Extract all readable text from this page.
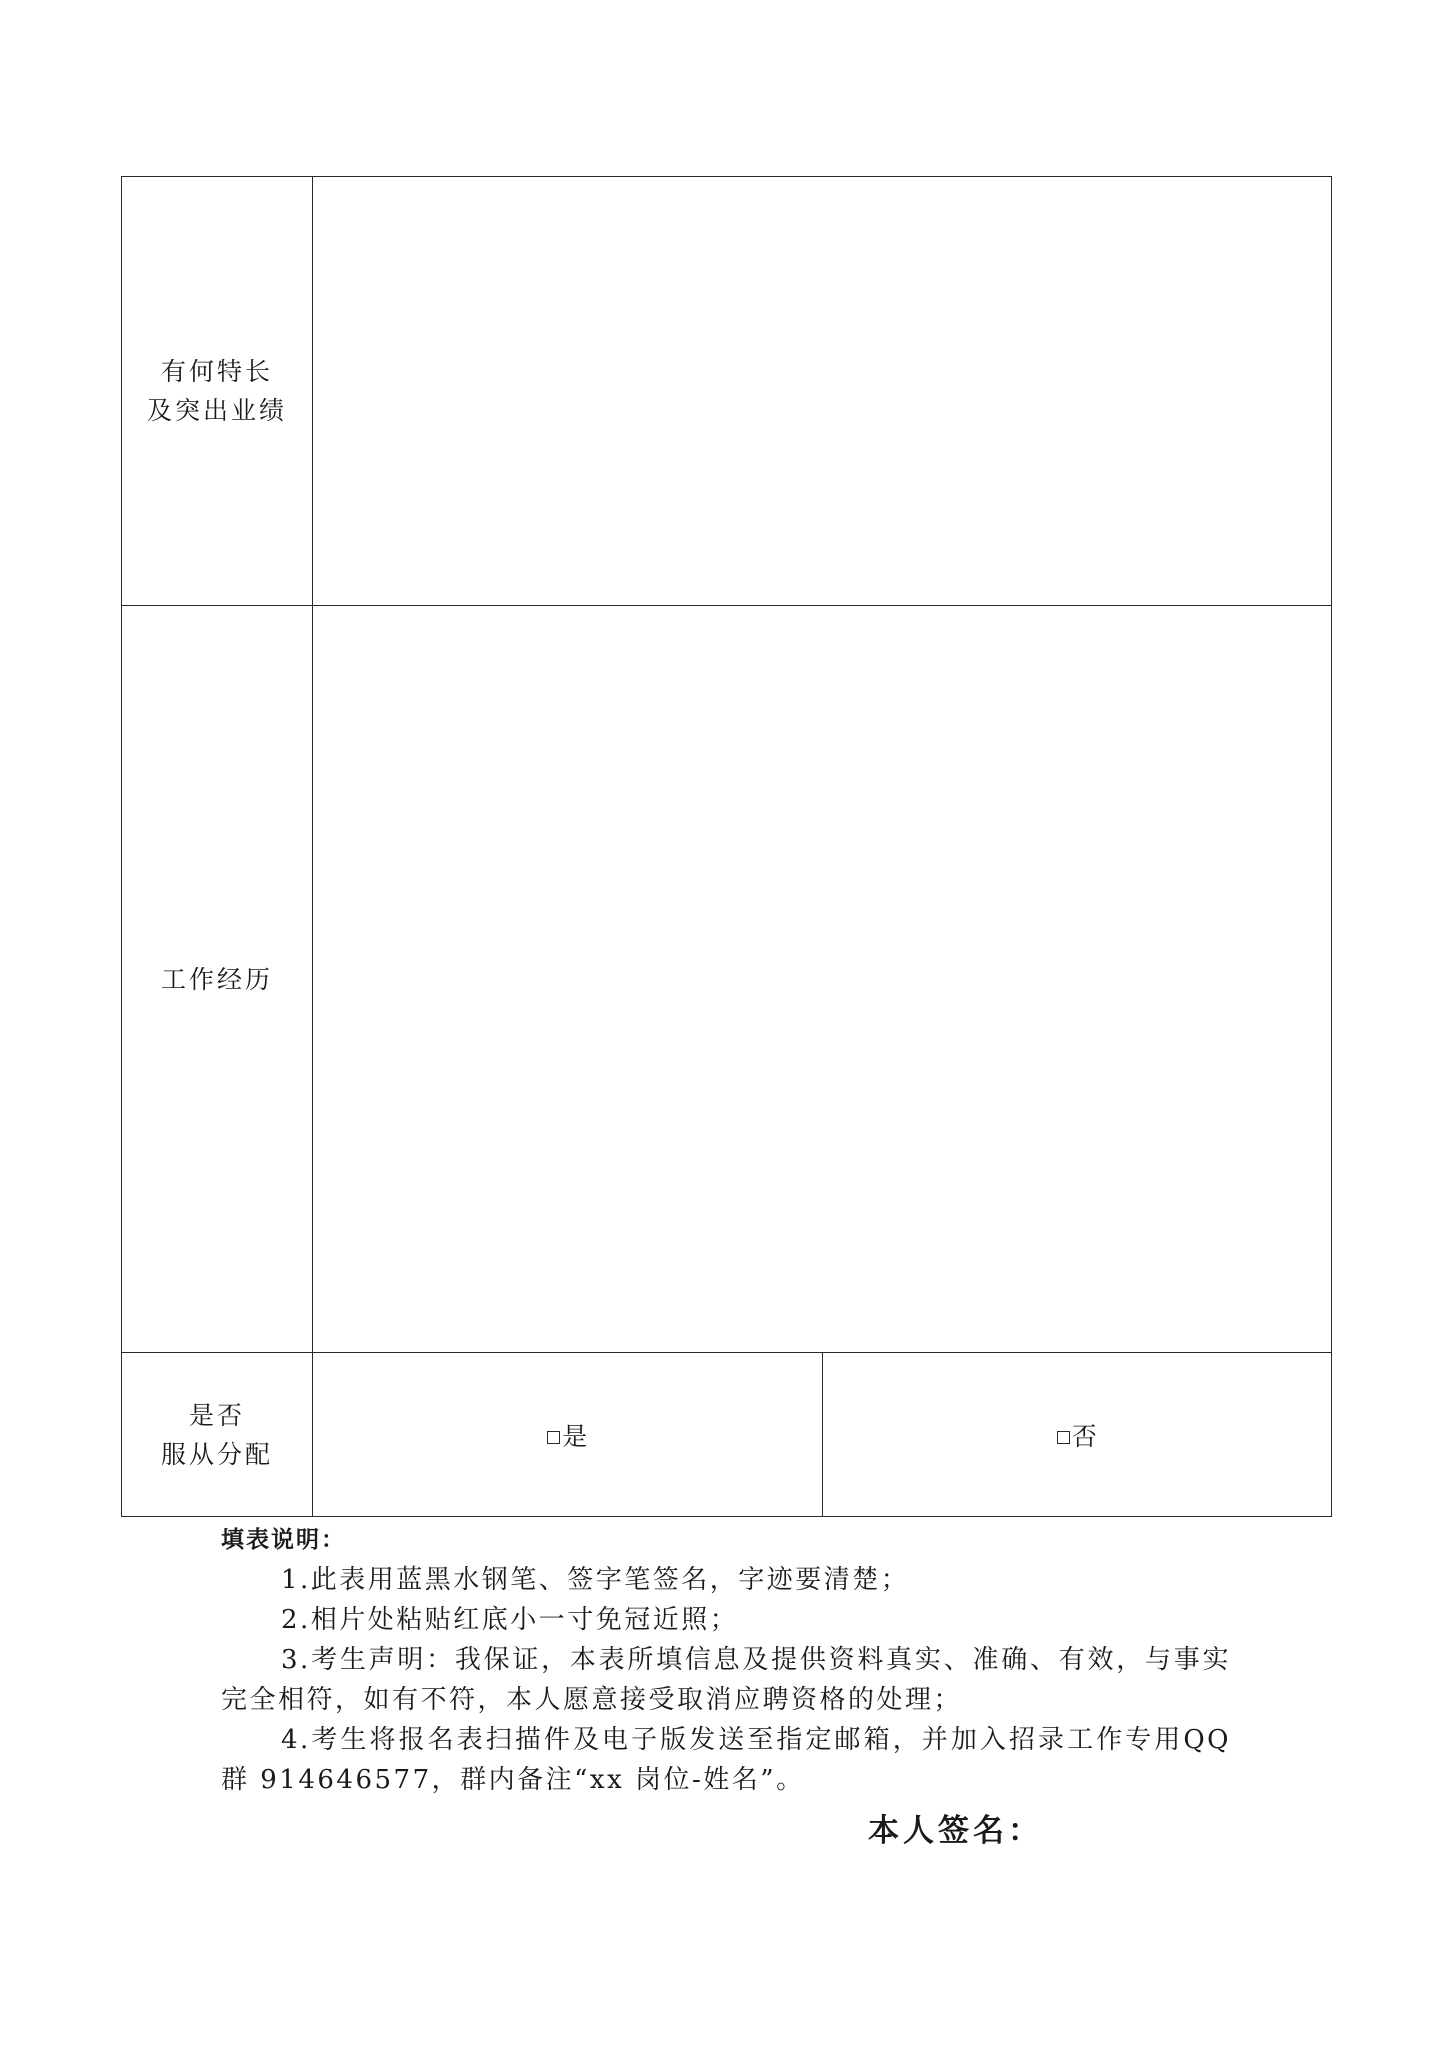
有何特长
及突出业绩		

工作经历		

是否
服从分配	是	否
填表说明：
1.此表用蓝黑水钢笔、签字笔签名，字迹要清楚；
2.相片处粘贴红底小一寸免冠近照；
3.考生声明：我保证，本表所填信息及提供资料真实、准确、有效，与事实完全相符，如有不符，本人愿意接受取消应聘资格的处理；
4.考生将报名表扫描件及电子版发送至指定邮箱，并加入招录工作专用QQ群 914646577，群内备注“xx 岗位-姓名”。
本人签名：
